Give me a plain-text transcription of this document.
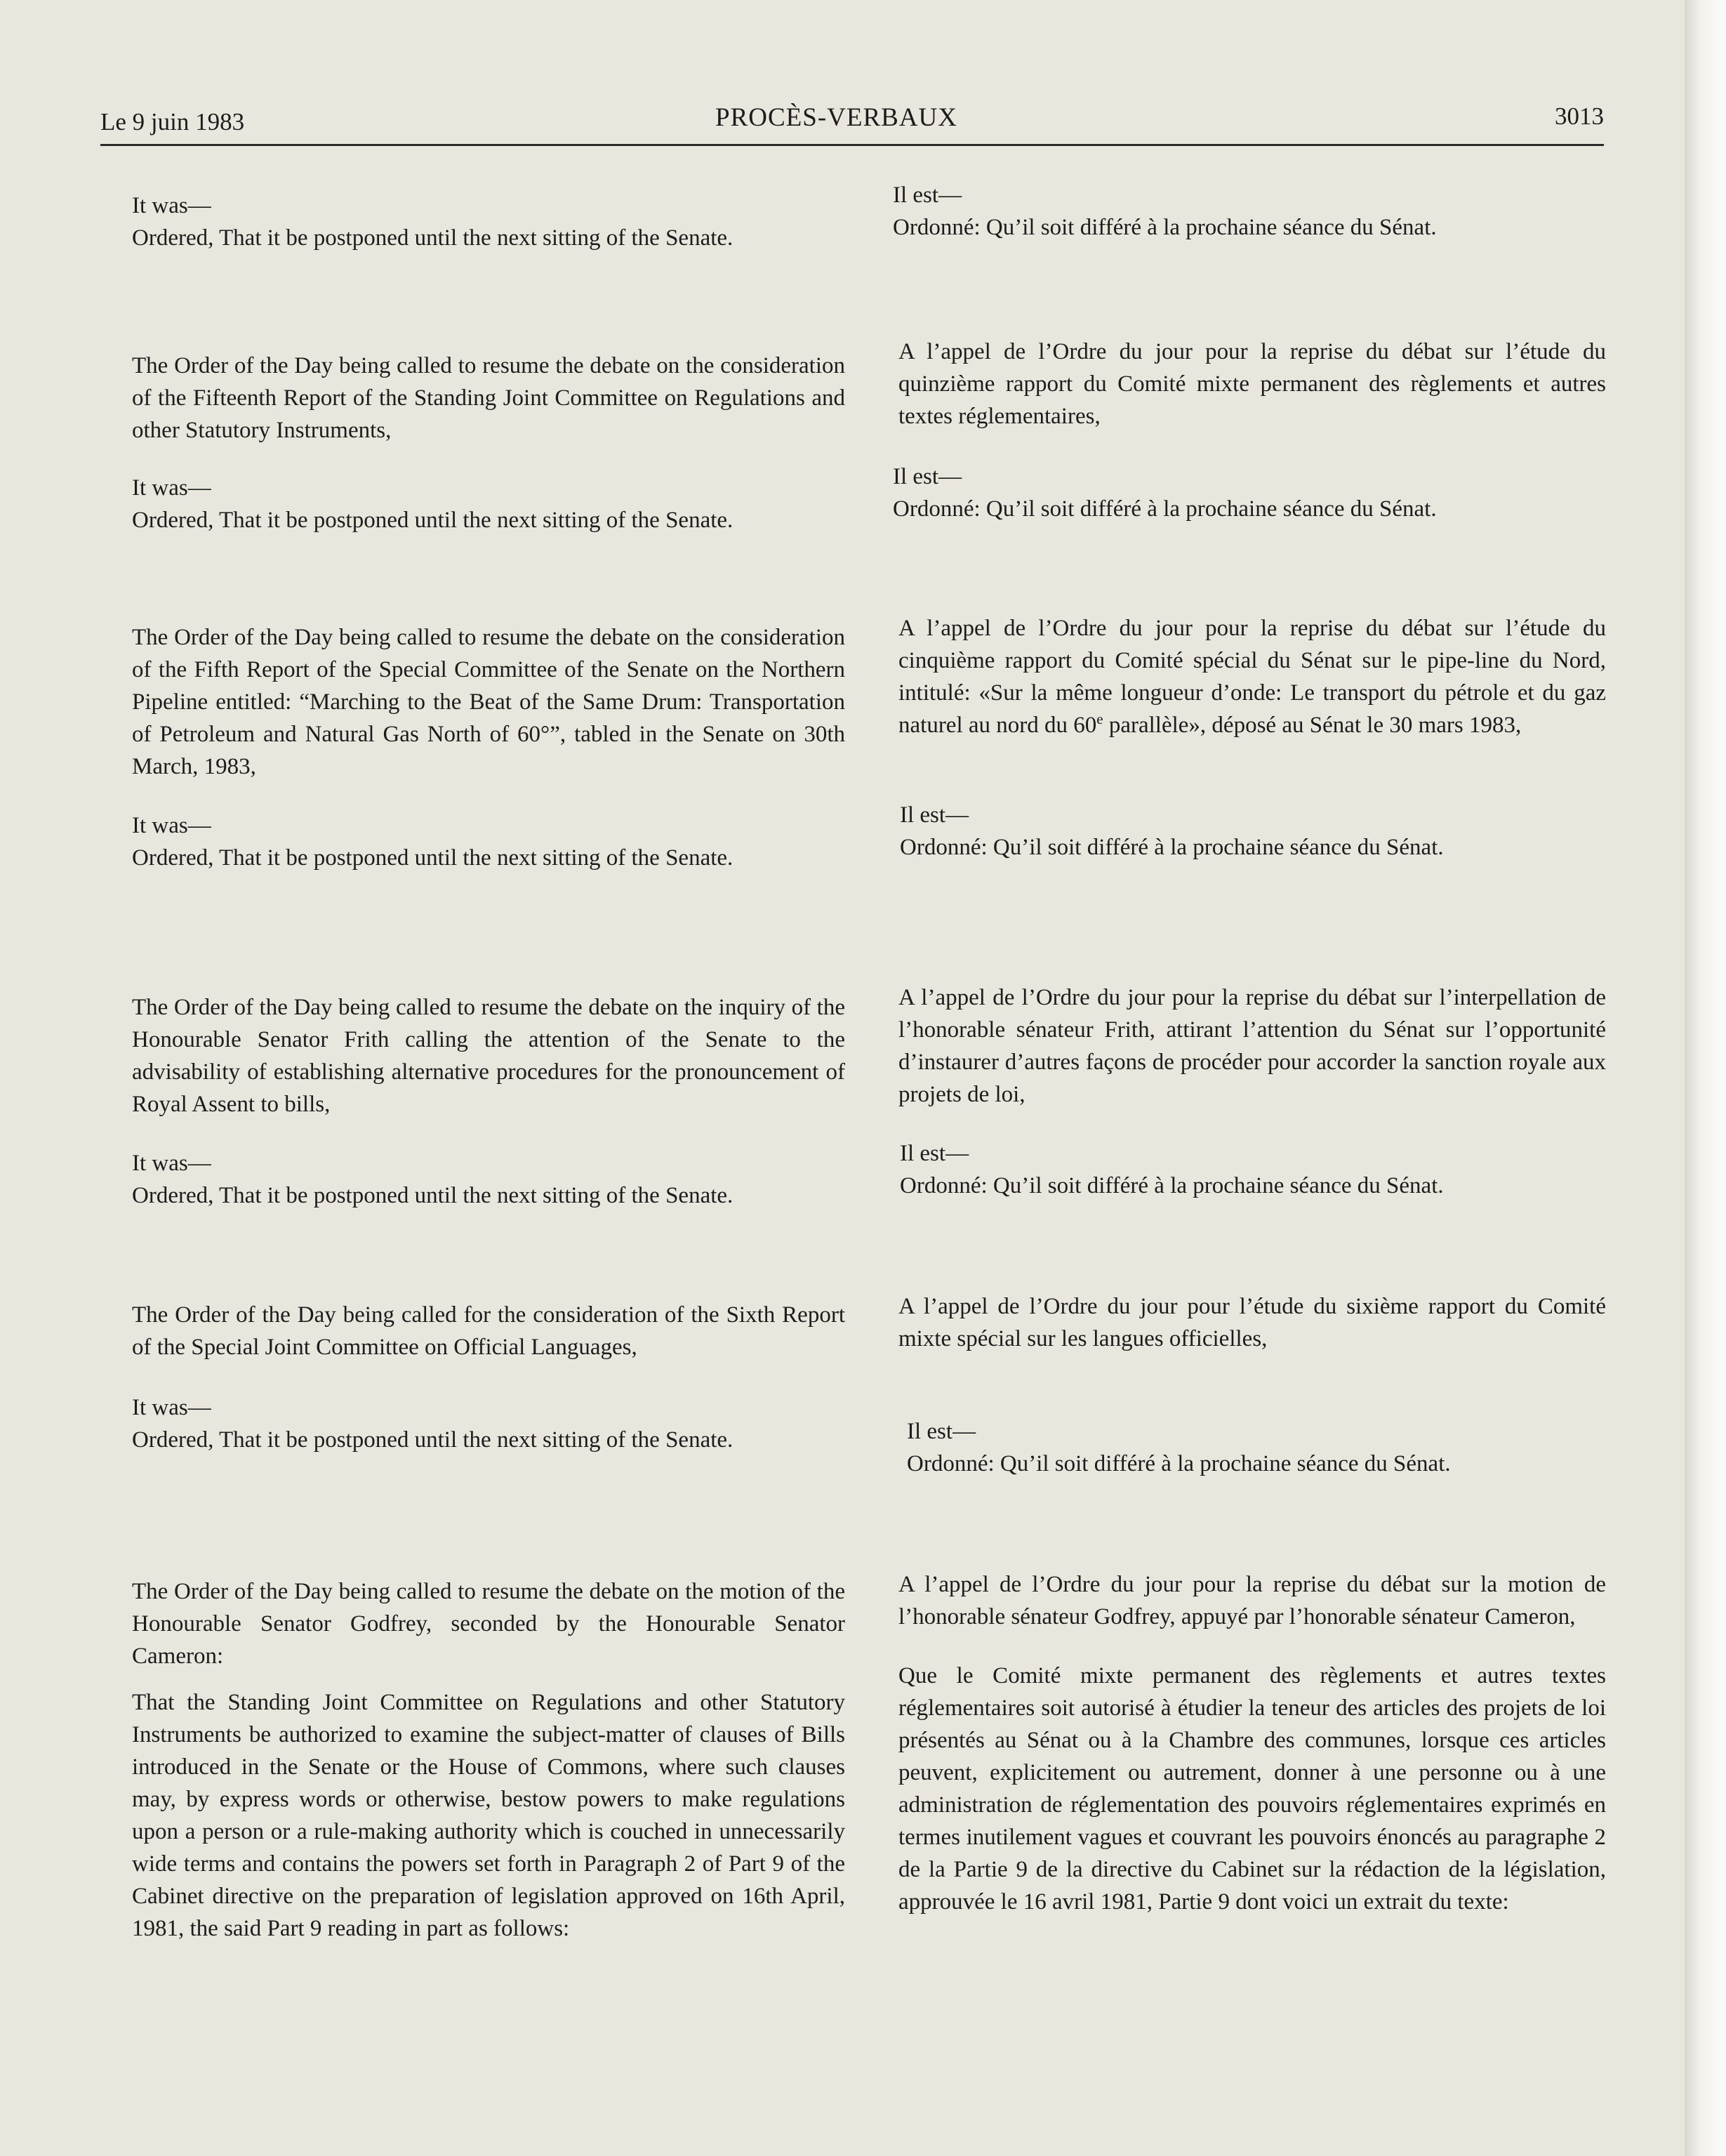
Le 9 juin 1983	PROCÈS-VERBAUX	3013
It was—

Ordered, That it be postponed until the next sitting of the Senate.

The Order of the Day being called to resume the debate on the consideration of the Fifteenth Report of the Standing Joint Committee on Regulations and other Statutory Instruments,

It was—

Ordered, That it be postponed until the next sitting of the Senate.

The Order of the Day being called to resume the debate on the consideration of the Fifth Report of the Special Committee of the Senate on the Northern Pipeline entitled: “Marching to the Beat of the Same Drum: Transportation of Petroleum and Natural Gas North of 60°”, tabled in the Senate on 30th March, 1983,

It was—

Ordered, That it be postponed until the next sitting of the Senate.

The Order of the Day being called to resume the debate on the inquiry of the Honourable Senator Frith calling the attention of the Senate to the advisability of establishing alternative procedures for the pronouncement of Royal Assent to bills,

It was—

Ordered, That it be postponed until the next sitting of the Senate.

The Order of the Day being called for the consideration of the Sixth Report of the Special Joint Committee on Official Languages,

It was—

Ordered, That it be postponed until the next sitting of the Senate.

The Order of the Day being called to resume the debate on the motion of the Honourable Senator Godfrey, seconded by the Honourable Senator Cameron:

That the Standing Joint Committee on Regulations and other Statutory Instruments be authorized to examine the subject-matter of clauses of Bills introduced in the Senate or the House of Commons, where such clauses may, by express words or otherwise, bestow powers to make regulations upon a person or a rule-making authority which is couched in unnecessarily wide terms and contains the powers set forth in Paragraph 2 of Part 9 of the Cabinet directive on the preparation of legislation approved on 16th April, 1981, the said Part 9 reading in part as follows:

Il est—

Ordonné: Qu’il soit différé à la prochaine séance du Sénat.

A l’appel de l’Ordre du jour pour la reprise du débat sur l’étude du quinzième rapport du Comité mixte permanent des règlements et autres textes réglementaires,

Il est—

Ordonné: Qu’il soit différé à la prochaine séance du Sénat.

A l’appel de l’Ordre du jour pour la reprise du débat sur l’étude du cinquième rapport du Comité spécial du Sénat sur le pipe-line du Nord, intitulé: «Sur la même longueur d’onde: Le transport du pétrole et du gaz naturel au nord du 60e parallèle», déposé au Sénat le 30 mars 1983,

Il est—

Ordonné: Qu’il soit différé à la prochaine séance du Sénat.

A l’appel de l’Ordre du jour pour la reprise du débat sur l’interpellation de l’honorable sénateur Frith, attirant l’attention du Sénat sur l’opportunité d’instaurer d’autres façons de procéder pour accorder la sanction royale aux projets de loi,

Il est—

Ordonné: Qu’il soit différé à la prochaine séance du Sénat.

A l’appel de l’Ordre du jour pour l’étude du sixième rapport du Comité mixte spécial sur les langues officielles,

Il est—

Ordonné: Qu’il soit différé à la prochaine séance du Sénat.

A l’appel de l’Ordre du jour pour la reprise du débat sur la motion de l’honorable sénateur Godfrey, appuyé par l’honorable sénateur Cameron,

Que le Comité mixte permanent des règlements et autres textes réglementaires soit autorisé à étudier la teneur des articles des projets de loi présentés au Sénat ou à la Chambre des communes, lorsque ces articles peuvent, explicitement ou autrement, donner à une personne ou à une administration de réglementation des pouvoirs réglementaires exprimés en termes inutilement vagues et couvrant les pouvoirs énoncés au paragraphe 2 de la Partie 9 de la directive du Cabinet sur la rédaction de la législation, approuvée le 16 avril 1981, Partie 9 dont voici un extrait du texte:
